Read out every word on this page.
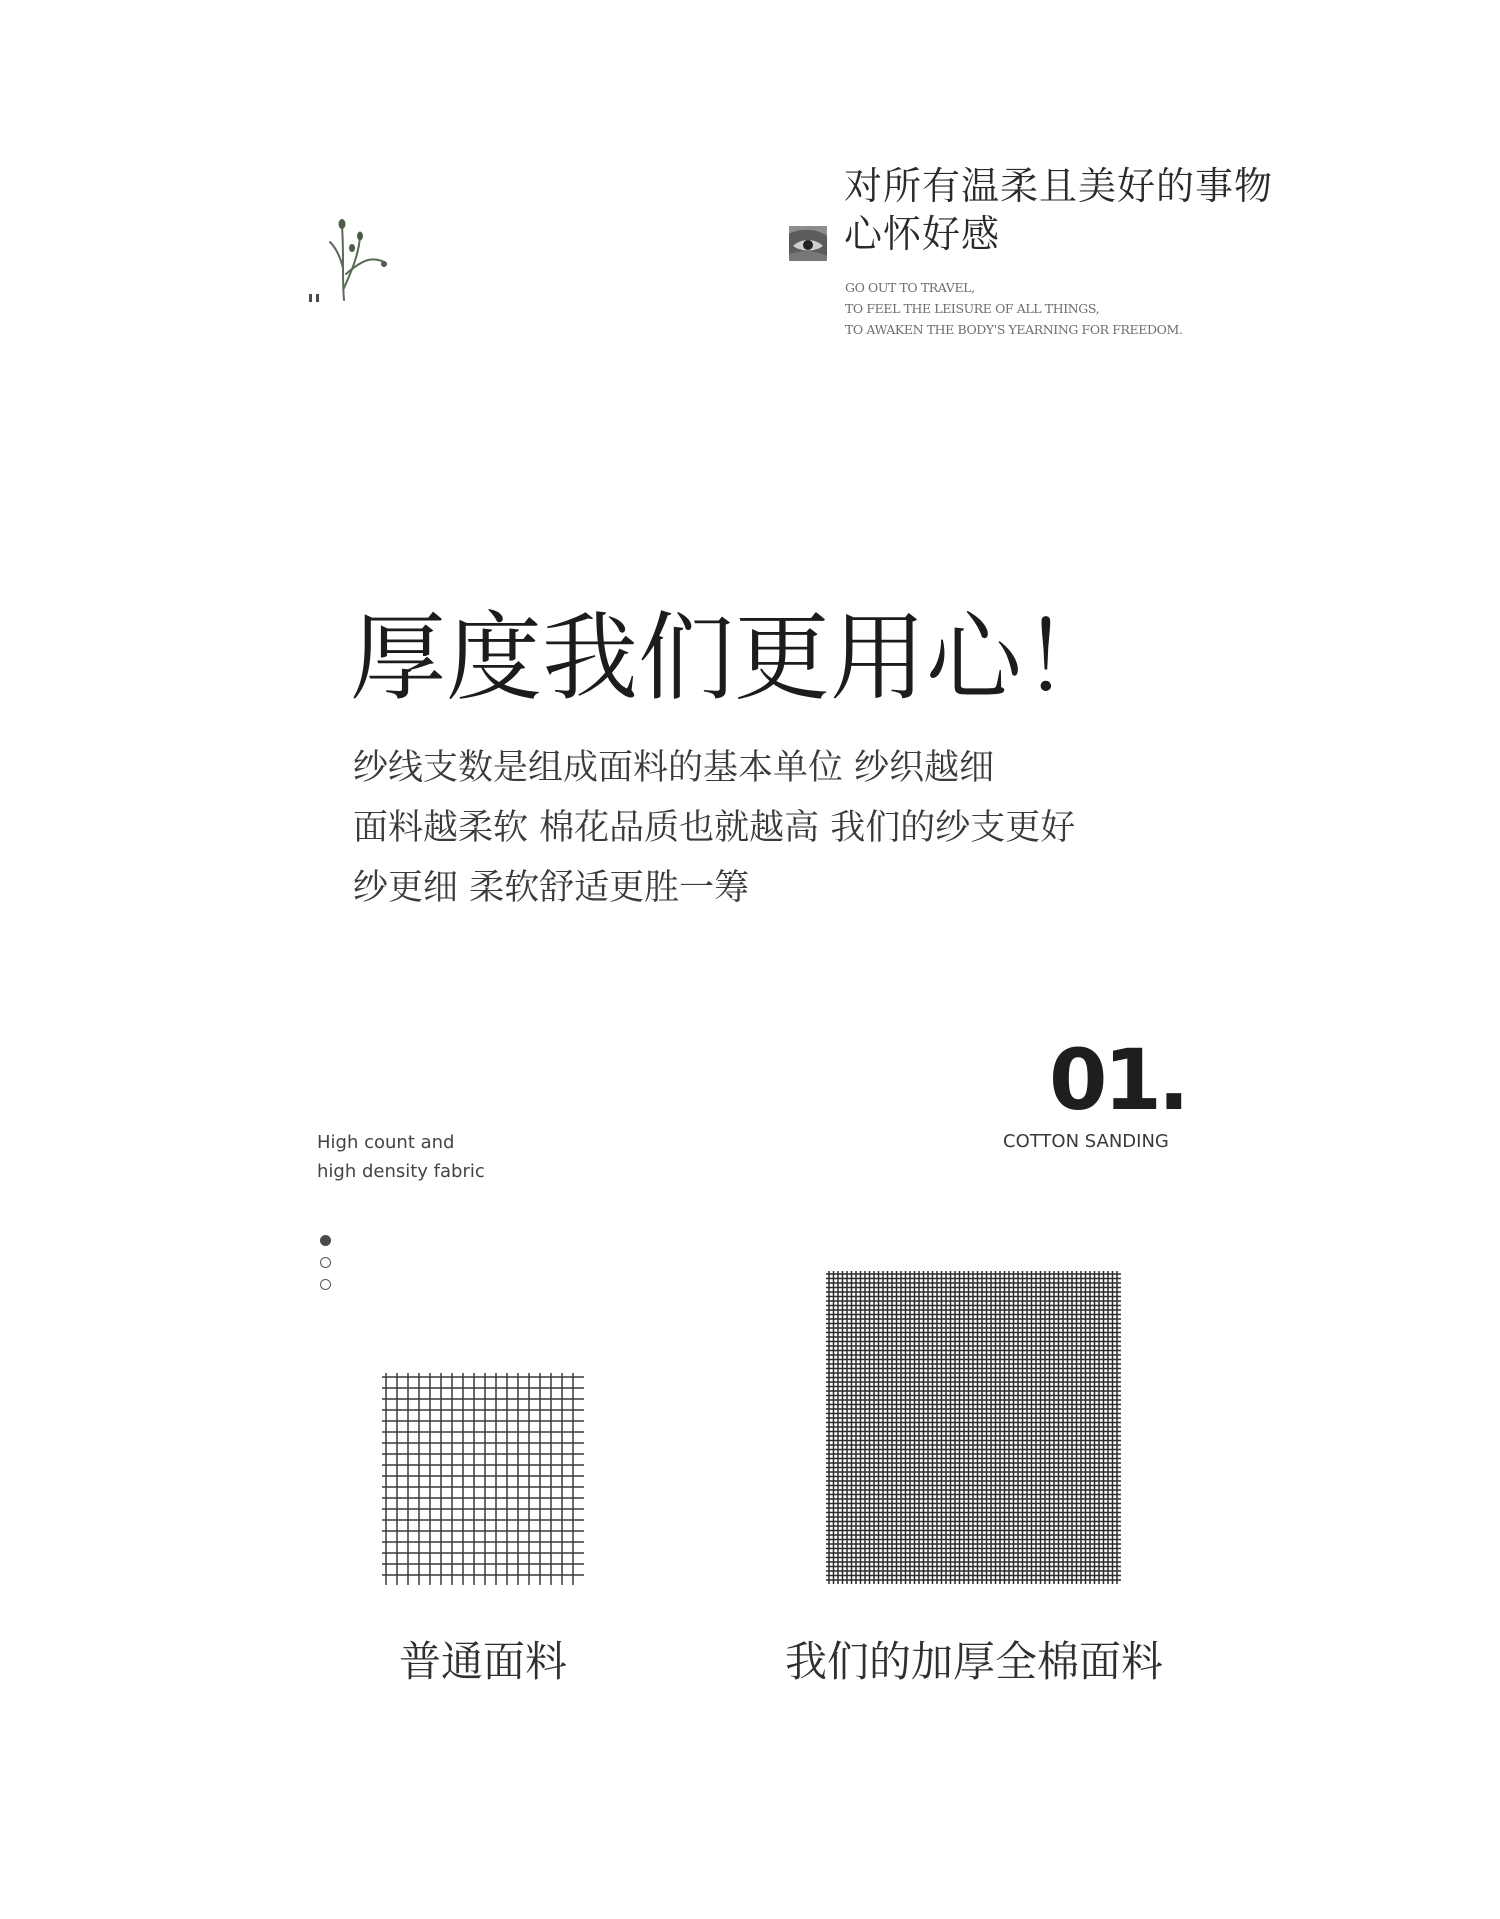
对所有温柔且美好的事物
心怀好感
GO OUT TO TRAVEL,
TO FEEL THE LEISURE OF ALL THINGS,
TO AWAKEN THE BODY'S YEARNING FOR FREEDOM.
厚度我们更用心！
纱线支数是组成面料的基本单位 纱织越细
面料越柔软 棉花品质也就越高 我们的纱支更好
纱更细 柔软舒适更胜一筹
01.
COTTON SANDING
High count and
high density fabric
普通面料	我们的加厚全棉面料
